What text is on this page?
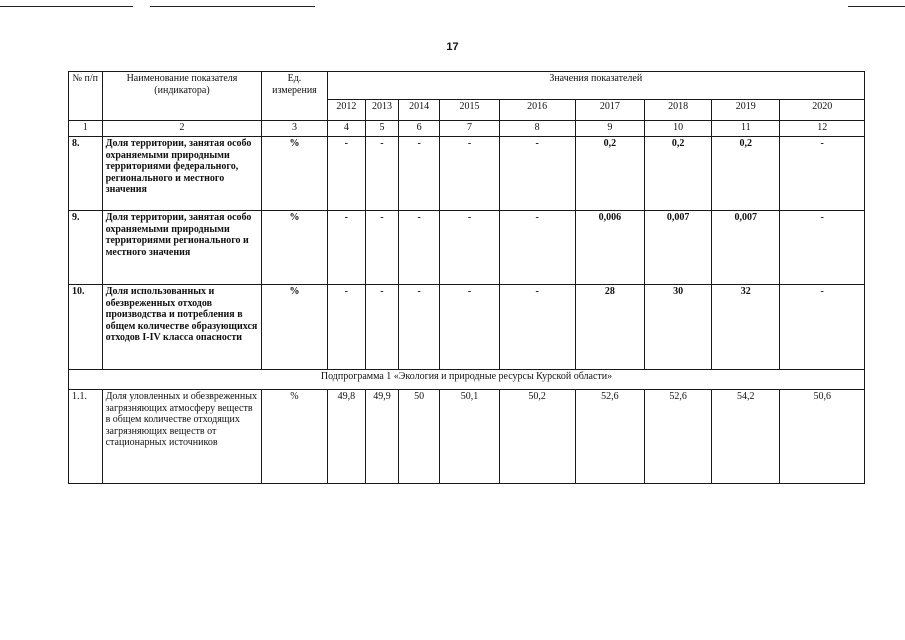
17
№ п/п	Наименование показателя (индикатора)	Ед. измерения	Значения показателей								
			2012	2013	2014	2015	2016	2017	2018	2019	2020
1	2	3	4	5	6	7	8	9	10	11	12
8.	Доля территории, занятая особо охраняемыми природными территориями федерального, регионального и местного значения	%	-	-	-	-	-	0,2	0,2	0,2	-
9.	Доля территории, занятая особо охраняемыми природными территориями регионального и местного значения	%	-	-	-	-	-	0,006	0,007	0,007	-
10.	Доля использованных и обезвреженных отходов производства и потребления в общем количестве образующихся отходов I-IV класса опасности	%	-	-	-	-	-	28	30	32	-
Подпрограмма 1 «Экология и природные ресурсы Курской области»											
1.1.	Доля уловленных и обезвреженных загрязняющих атмосферу веществ в общем количестве отходящих загрязняющих веществ от стационарных источников	%	49,8	49,9	50	50,1	50,2	52,6	52,6	54,2	50,6
